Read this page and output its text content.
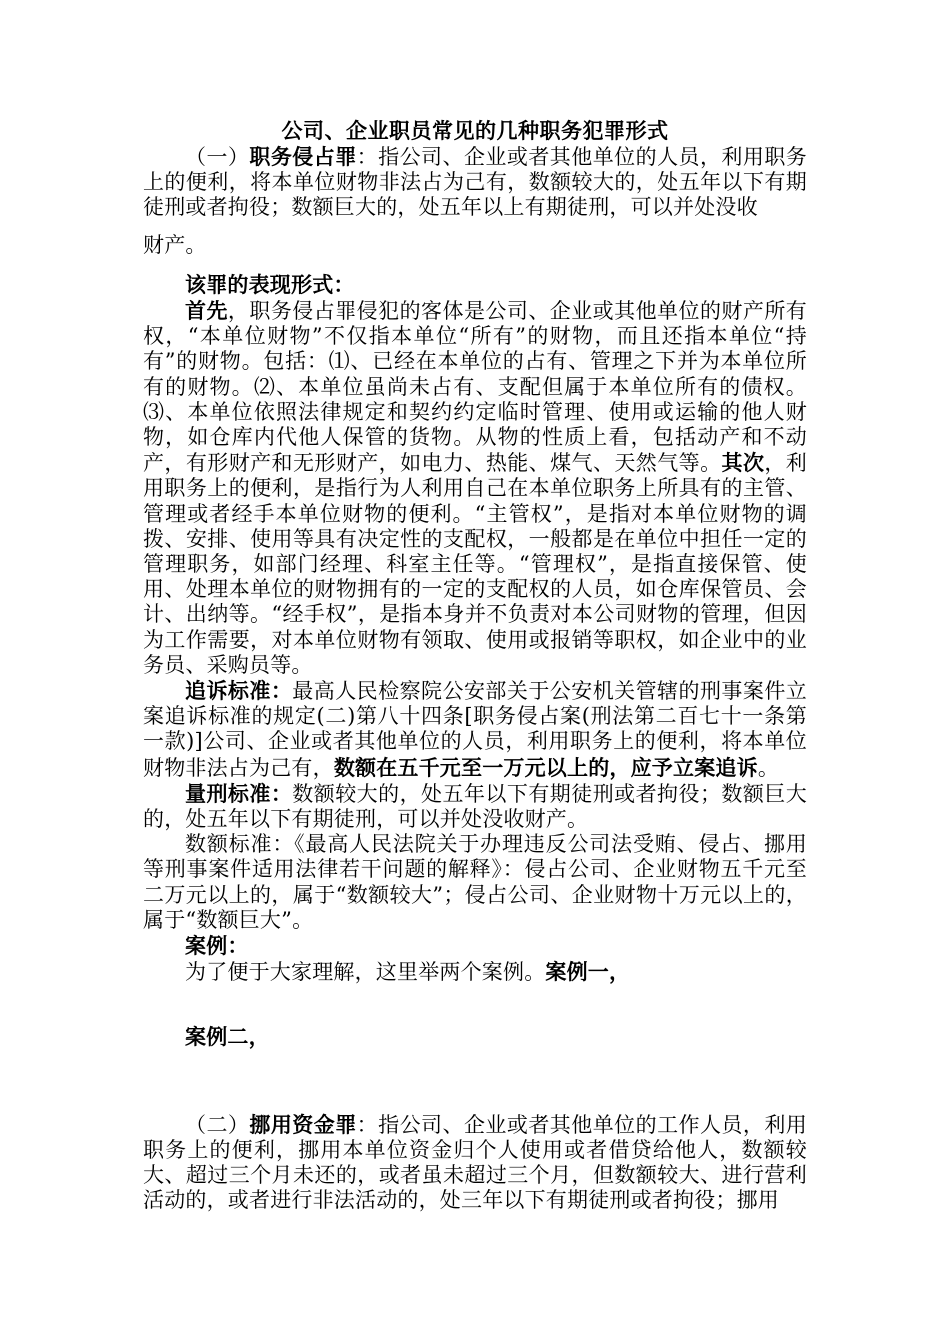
公司、企业职员常见的几种职务犯罪形式

（一）职务侵占罪：指公司、企业或者其他单位的人员，利用职务上的便利，将本单位财物非法占为己有，数额较大的，处五年以下有期徒刑或者拘役；数额巨大的，处五年以上有期徒刑，可以并处没收

财产。

该罪的表现形式：

首先，职务侵占罪侵犯的客体是公司、企业或其他单位的财产所有权，“本单位财物”不仅指本单位“所有”的财物，而且还指本单位“持有”的财物。包括：⑴、已经在本单位的占有、管理之下并为本单位所有的财物。⑵、本单位虽尚未占有、支配但属于本单位所有的债权。⑶、本单位依照法律规定和契约约定临时管理、使用或运输的他人财物，如仓库内代他人保管的货物。从物的性质上看，包括动产和不动产，有形财产和无形财产，如电力、热能、煤气、天然气等。其次，利用职务上的便利，是指行为人利用自己在本单位职务上所具有的主管、管理或者经手本单位财物的便利。“主管权”，是指对本单位财物的调拨、安排、使用等具有决定性的支配权，一般都是在单位中担任一定的管理职务，如部门经理、科室主任等。“管理权”，是指直接保管、使用、处理本单位的财物拥有的一定的支配权的人员，如仓库保管员、会计、出纳等。“经手权”，是指本身并不负责对本公司财物的管理，但因为工作需要，对本单位财物有领取、使用或报销等职权，如企业中的业务员、采购员等。

追诉标准：最高人民检察院公安部关于公安机关管辖的刑事案件立案追诉标准的规定(二)第八十四条[职务侵占案(刑法第二百七十一条第一款)]公司、企业或者其他单位的人员，利用职务上的便利，将本单位财物非法占为己有，数额在五千元至一万元以上的，应予立案追诉。

量刑标准：数额较大的，处五年以下有期徒刑或者拘役；数额巨大的，处五年以下有期徒刑，可以并处没收财产。

数额标准：《最高人民法院关于办理违反公司法受贿、侵占、挪用等刑事案件适用法律若干问题的解释》：侵占公司、企业财物五千元至二万元以上的，属于“数额较大”；侵占公司、企业财物十万元以上的，属于“数额巨大”。

案例：

为了便于大家理解，这里举两个案例。案例一，

案例二，

（二）挪用资金罪：指公司、企业或者其他单位的工作人员，利用职务上的便利，挪用本单位资金归个人使用或者借贷给他人，数额较大、超过三个月未还的，或者虽未超过三个月，但数额较大、进行营利活动的，或者进行非法活动的，处三年以下有期徒刑或者拘役；挪用
